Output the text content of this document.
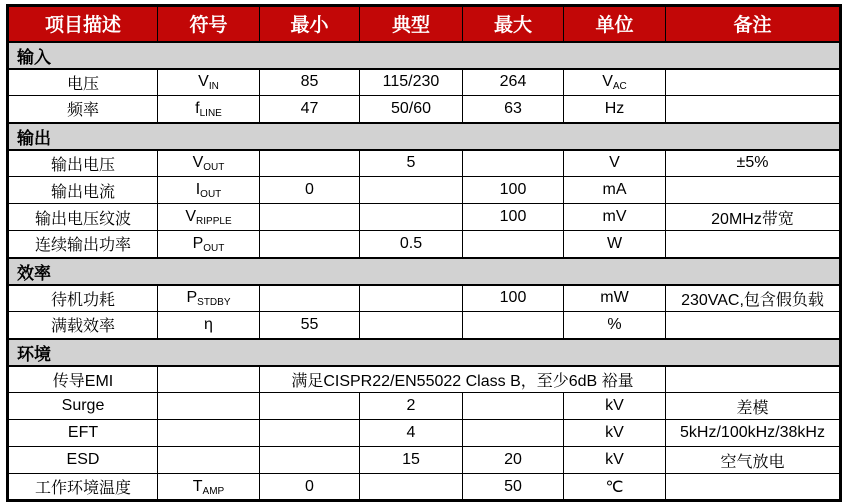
项目描述	符号	最小	典型	最大	单位	备注
输入						
电压	VIN	85	115/230	264	VAC	
频率	fLINE	47	50/60	63	Hz	
输出						
输出电压	VOUT		5		V	±5%
输出电流	IOUT	0		100	mA	
输出电压纹波	VRIPPLE			100	mV	20MHz带宽
连续输出功率	POUT		0.5		W	
效率						
待机功耗	PSTDBY			100	mW	230VAC,包含假负载
满载效率	η	55			%	
环境						
传导EMI		满足CISPR22/EN55022 Class B，至少6dB 裕量				
Surge			2		kV	差模
EFT			4		kV	5kHz/100kHz/38kHz
ESD			15	20	kV	空气放电
工作环境温度	TAMP	0		50	℃	
